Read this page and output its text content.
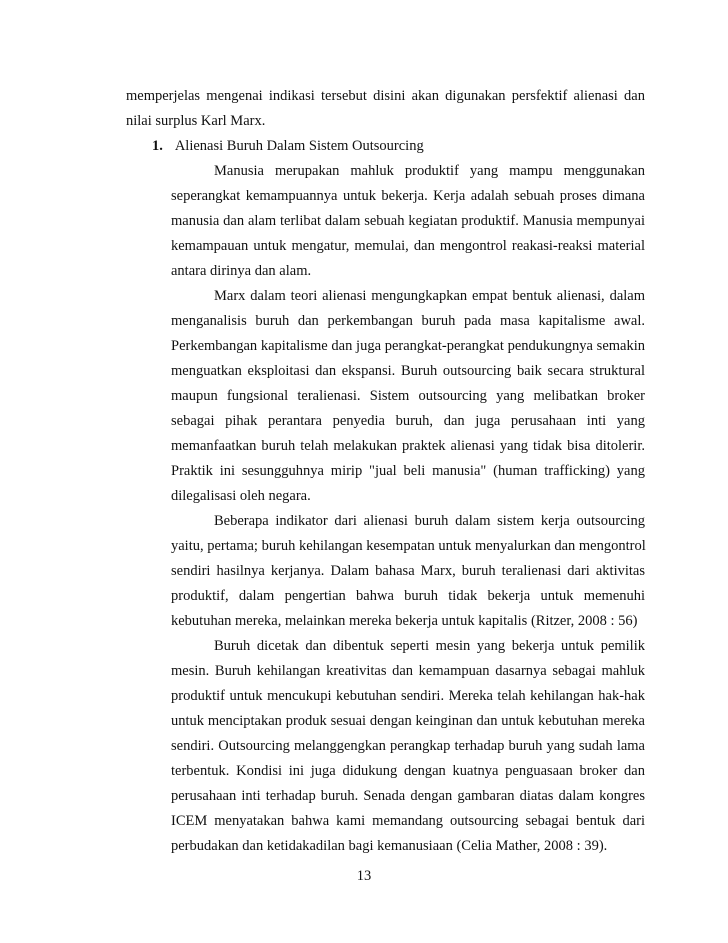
memperjelas mengenai indikasi tersebut disini akan digunakan persfektif alienasi dan
nilai surplus Karl Marx.
1. Alienasi Buruh Dalam Sistem Outsourcing
Manusia merupakan mahluk produktif yang mampu menggunakan
seperangkat kemampuannya untuk bekerja. Kerja adalah sebuah proses dimana
manusia dan alam terlibat dalam sebuah kegiatan produktif. Manusia mempunyai
kemampauan untuk mengatur, memulai, dan mengontrol reakasi-reaksi material
antara dirinya dan alam.
Marx dalam teori alienasi mengungkapkan empat bentuk alienasi, dalam
menganalisis buruh dan perkembangan buruh pada masa kapitalisme awal.
Perkembangan kapitalisme dan juga perangkat-perangkat pendukungnya semakin
menguatkan eksploitasi dan ekspansi. Buruh outsourcing baik secara struktural
maupun fungsional teralienasi. Sistem outsourcing yang melibatkan broker
sebagai pihak perantara penyedia buruh, dan juga perusahaan inti yang
memanfaatkan buruh telah melakukan praktek alienasi yang tidak bisa ditolerir.
Praktik ini sesungguhnya mirip "jual beli manusia" (human trafficking) yang
dilegalisasi oleh negara.
Beberapa indikator dari alienasi buruh dalam sistem kerja outsourcing
yaitu, pertama; buruh kehilangan kesempatan untuk menyalurkan dan mengontrol
sendiri hasilnya kerjanya. Dalam bahasa Marx, buruh teralienasi dari aktivitas
produktif, dalam pengertian bahwa buruh tidak bekerja untuk memenuhi
kebutuhan mereka, melainkan mereka bekerja untuk kapitalis (Ritzer, 2008 : 56)
Buruh dicetak dan dibentuk seperti mesin yang bekerja untuk pemilik
mesin. Buruh kehilangan kreativitas dan kemampuan dasarnya sebagai mahluk
produktif untuk mencukupi kebutuhan sendiri. Mereka telah kehilangan hak-hak
untuk menciptakan produk sesuai dengan keinginan dan untuk kebutuhan mereka
sendiri. Outsourcing melanggengkan perangkap terhadap buruh yang sudah lama
terbentuk. Kondisi ini juga didukung dengan kuatnya penguasaan broker dan
perusahaan inti terhadap buruh. Senada dengan gambaran diatas dalam kongres
ICEM menyatakan bahwa kami memandang outsourcing sebagai bentuk dari
perbudakan dan ketidakadilan bagi kemanusiaan (Celia Mather, 2008 : 39).
13
